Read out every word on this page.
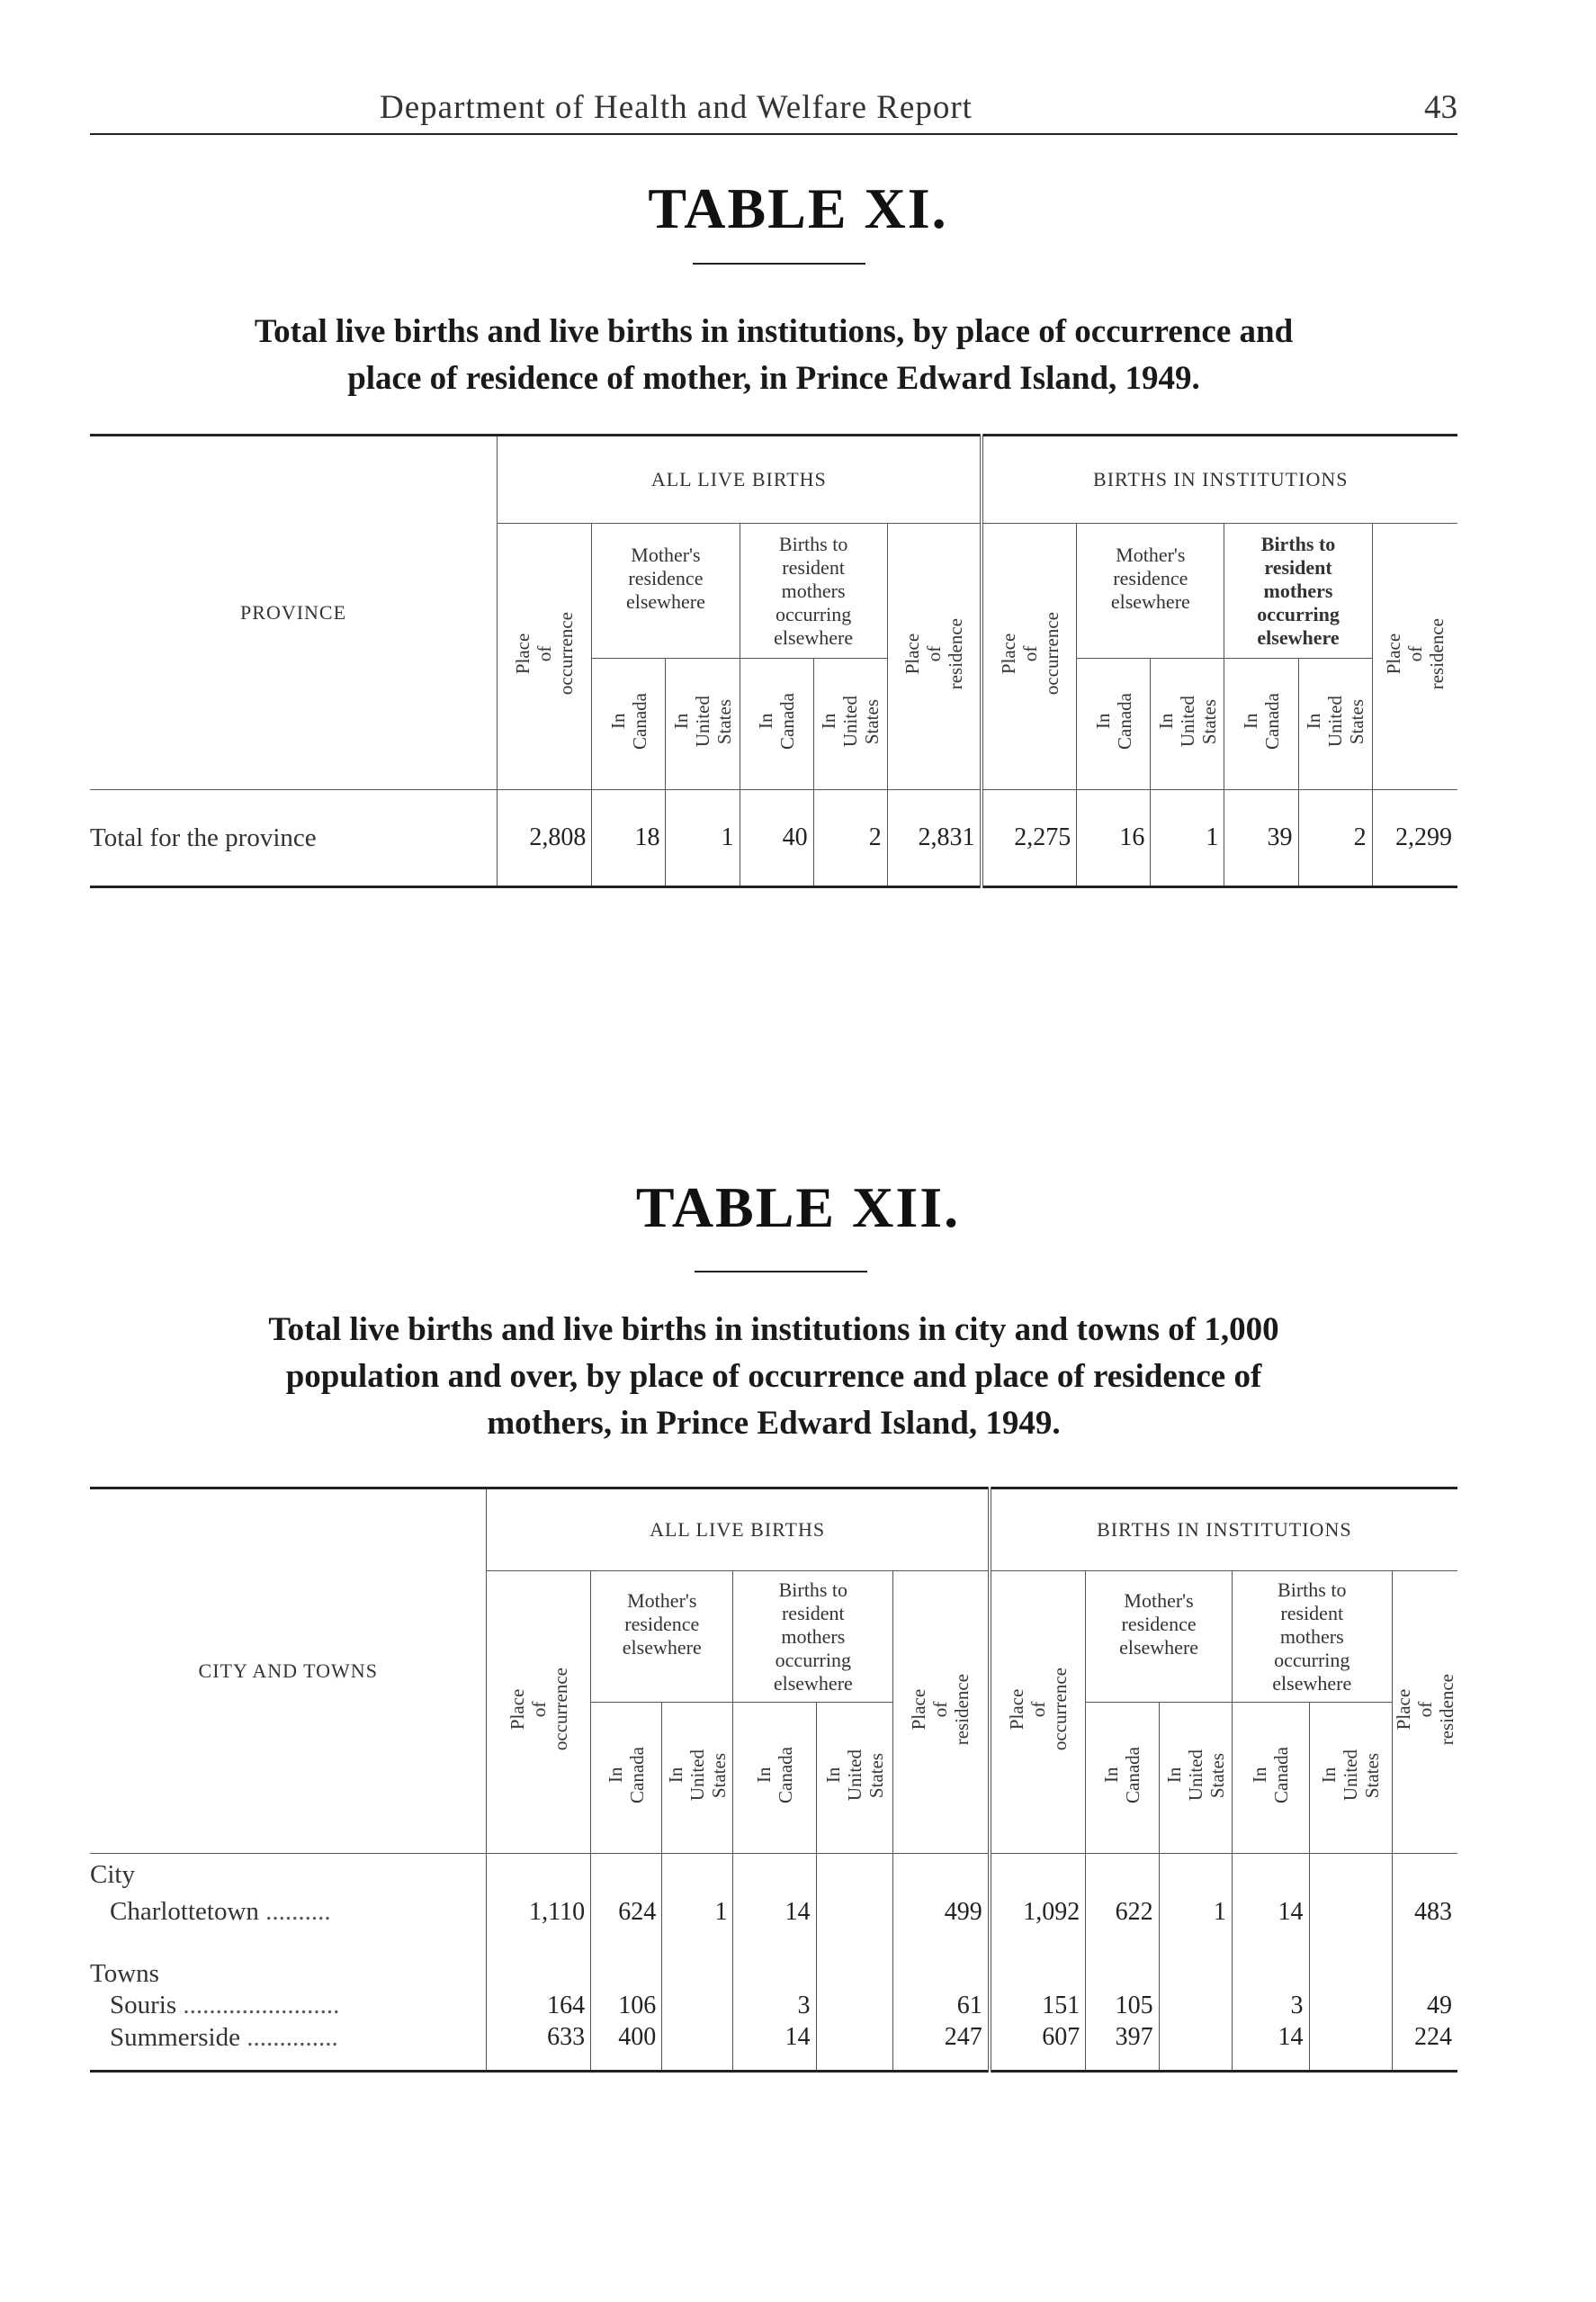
Department of Health and Welfare Report	43
TABLE XI.
Total live births and live births in institutions, by place of occurrence and
place of residence of mother, in Prince Edward Island, 1949.
PROVINCE	ALL LIVE BIRTHS						BIRTHS IN INSTITUTIONS					
	Place
of
occurrence	Mother's
residence
elsewhere		Births to
resident
mothers
occurring
elsewhere		Place
of
residence	Place
of
occurrence	Mother's
residence
elsewhere		Births to
resident
mothers
occurring
elsewhere		Place
of
residence
		In
Canada	In
United
States	In
Canada	In
United
States			In
Canada	In
United
States	In
Canada	In
United
States	
Total for the province	2,808	18	1	40	2	2,831	2,275	16	1	39	2	2,299
TABLE XII.
Total live births and live births in institutions in city and towns of 1,000
population and over, by place of occurrence and place of residence of
mothers, in Prince Edward Island, 1949.
CITY AND TOWNS	ALL LIVE BIRTHS						BIRTHS IN INSTITUTIONS					
	Place
of
occurrence	Mother's
residence
elsewhere		Births to
resident
mothers
occurring
elsewhere		Place
of
residence	Place
of
occurrence	Mother's
residence
elsewhere		Births to
resident
mothers
occurring
elsewhere		Place
of
residence
		In
Canada	In
United
States	In
Canada	In
United
States			In
Canada	In
United
States	In
Canada	In
United
States	
City												
Charlottetown ..........	1,110	624	1	14		499	1,092	622	1	14		483
Towns												
Souris ........................	164	106		3		61	151	105		3		49
Summerside ..............	633	400		14		247	607	397		14		224
